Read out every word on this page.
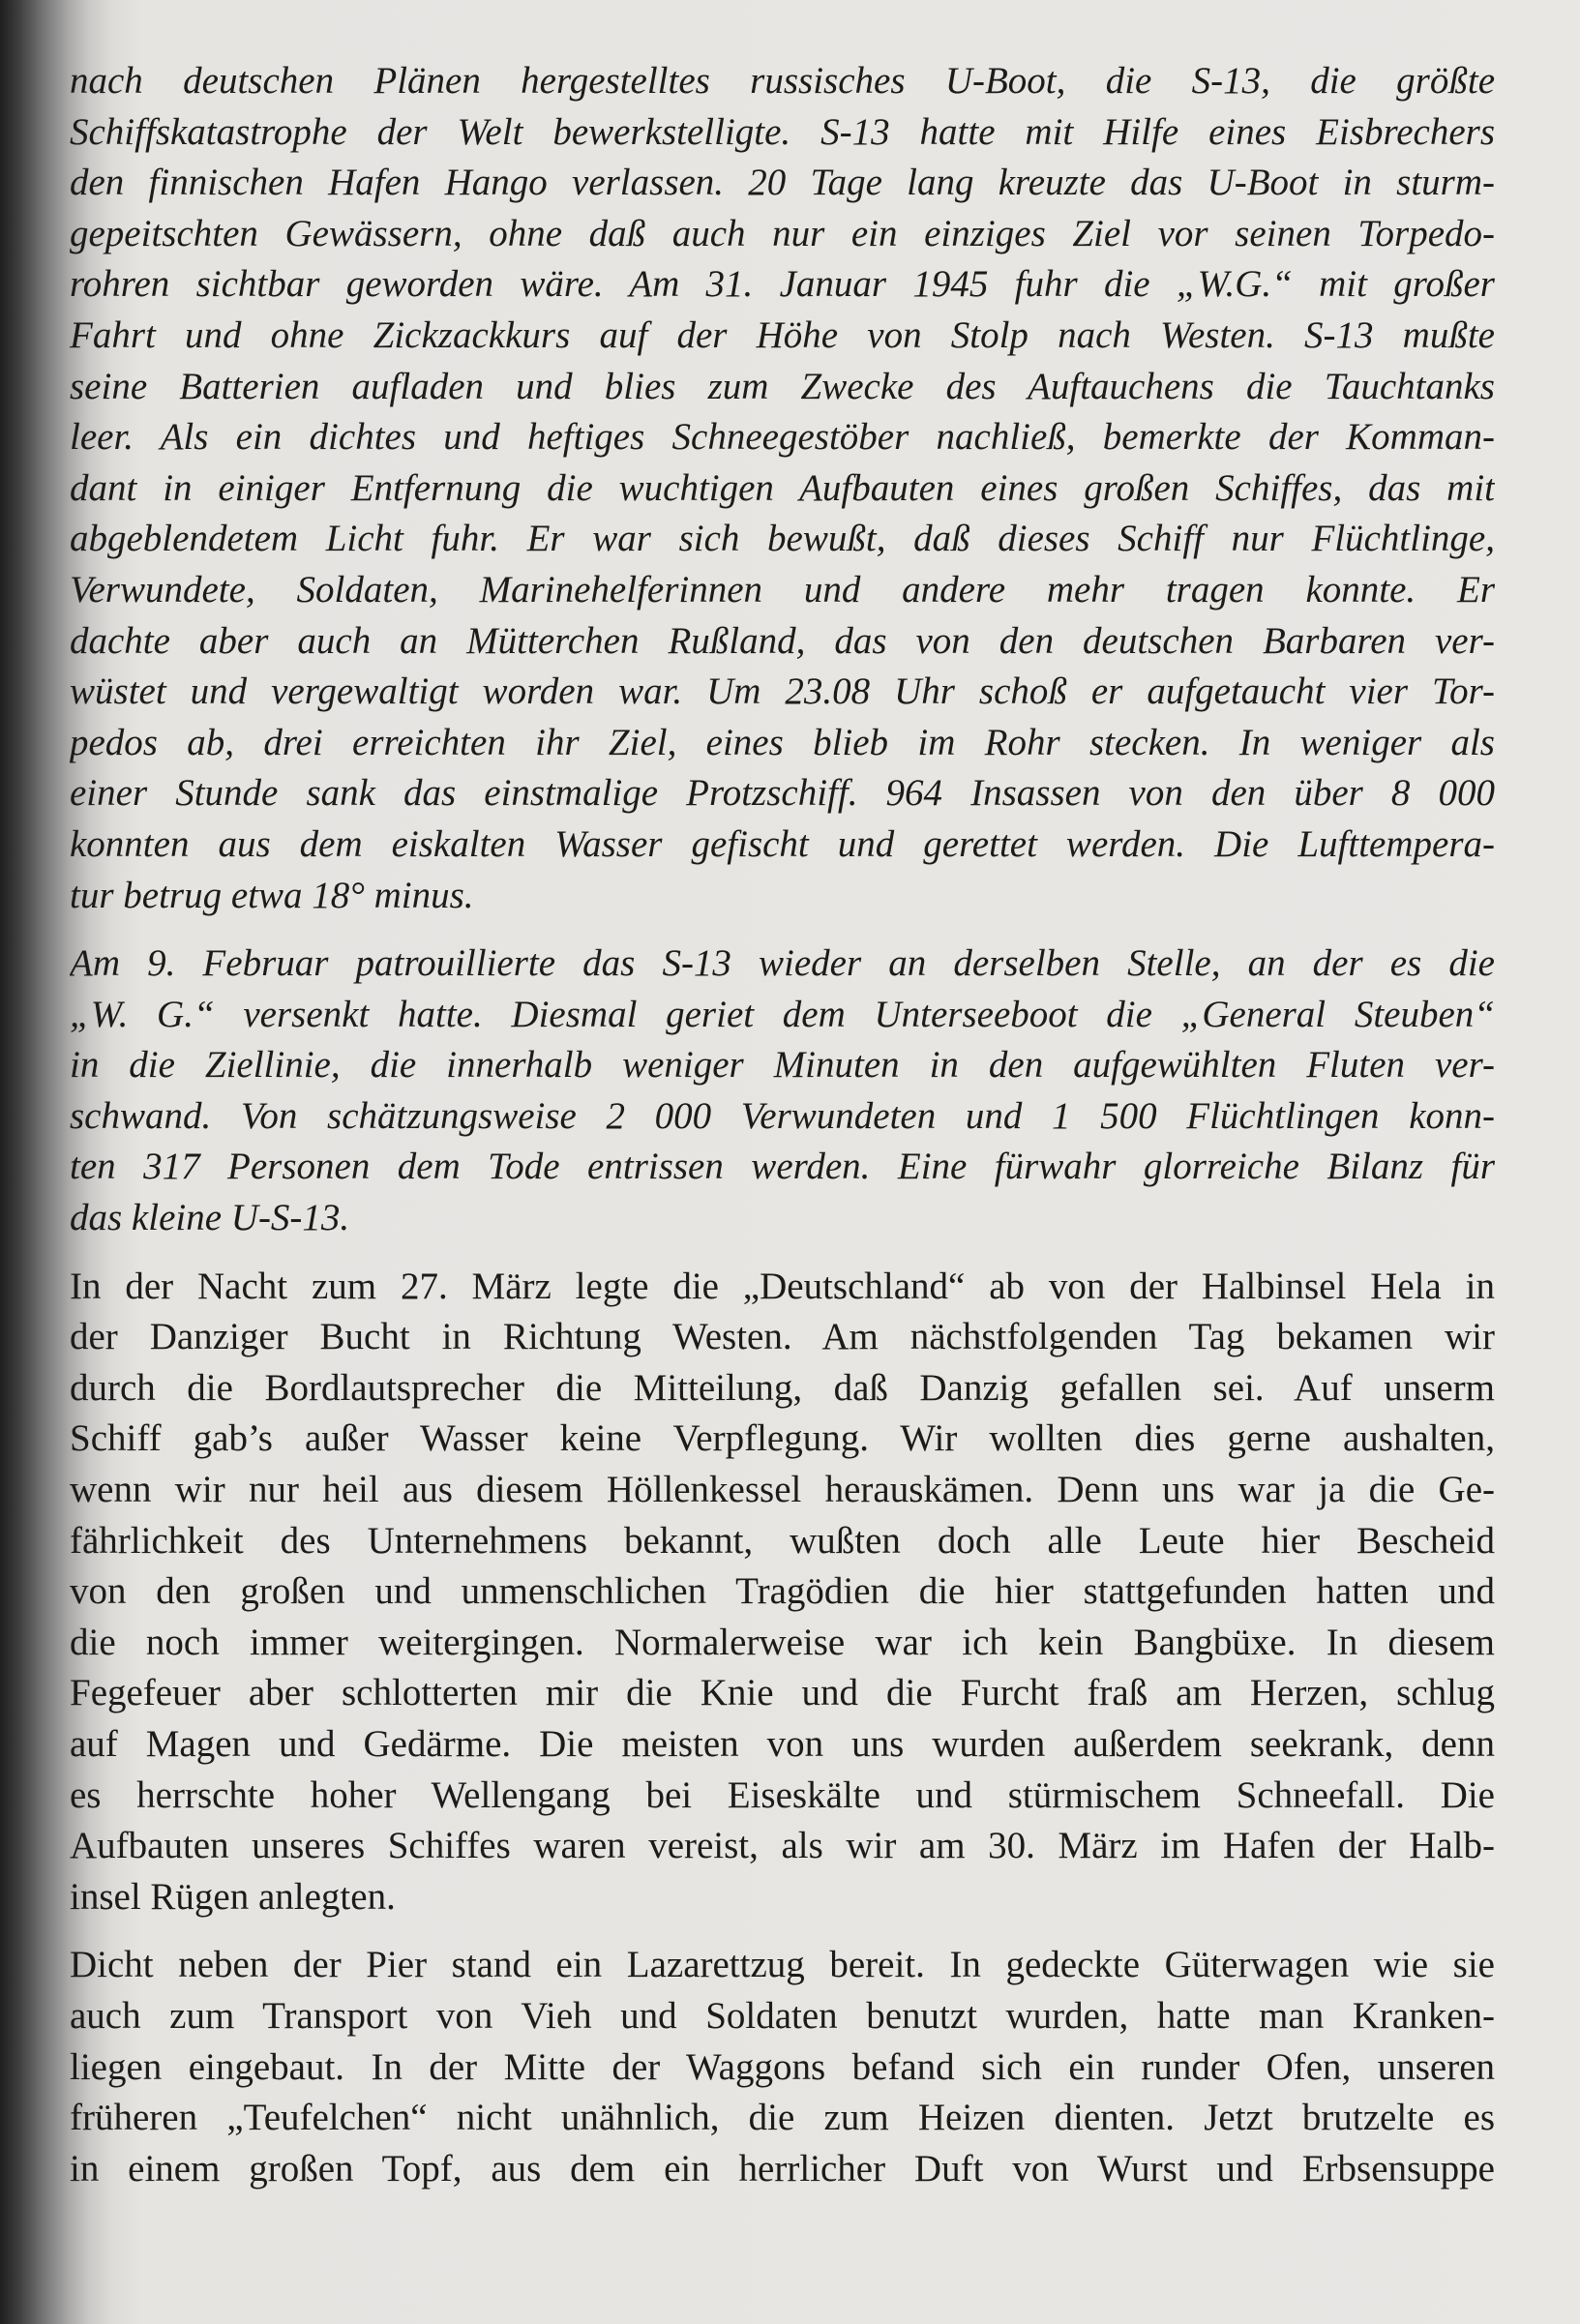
nach deutschen Plänen hergestelltes russisches U-Boot, die S-13, die größte
Schiffskatastrophe der Welt bewerkstelligte. S-13 hatte mit Hilfe eines Eisbrechers
den finnischen Hafen Hango verlassen. 20 Tage lang kreuzte das U-Boot in sturm-
gepeitschten Gewässern, ohne daß auch nur ein einziges Ziel vor seinen Torpedo-
rohren sichtbar geworden wäre. Am 31. Januar 1945 fuhr die „W.G.“ mit großer
Fahrt und ohne Zickzackkurs auf der Höhe von Stolp nach Westen. S-13 mußte
seine Batterien aufladen und blies zum Zwecke des Auftauchens die Tauchtanks
leer. Als ein dichtes und heftiges Schneegestöber nachließ, bemerkte der Komman-
dant in einiger Entfernung die wuchtigen Aufbauten eines großen Schiffes, das mit
abgeblendetem Licht fuhr. Er war sich bewußt, daß dieses Schiff nur Flüchtlinge,
Verwundete, Soldaten, Marinehelferinnen und andere mehr tragen konnte. Er
dachte aber auch an Mütterchen Rußland, das von den deutschen Barbaren ver-
wüstet und vergewaltigt worden war. Um 23.08 Uhr schoß er aufgetaucht vier Tor-
pedos ab, drei erreichten ihr Ziel, eines blieb im Rohr stecken. In weniger als
einer Stunde sank das einstmalige Protzschiff. 964 Insassen von den über 8 000
konnten aus dem eiskalten Wasser gefischt und gerettet werden. Die Lufttempera-
tur betrug etwa 18° minus.

Am 9. Februar patrouillierte das S-13 wieder an derselben Stelle, an der es die
„W. G.“ versenkt hatte. Diesmal geriet dem Unterseeboot die „General Steuben“
in die Ziellinie, die innerhalb weniger Minuten in den aufgewühlten Fluten ver-
schwand. Von schätzungsweise 2 000 Verwundeten und 1 500 Flüchtlingen konn-
ten 317 Personen dem Tode entrissen werden. Eine fürwahr glorreiche Bilanz für
das kleine U-S-13.

In der Nacht zum 27. März legte die „Deutschland“ ab von der Halbinsel Hela in
der Danziger Bucht in Richtung Westen. Am nächstfolgenden Tag bekamen wir
durch die Bordlautsprecher die Mitteilung, daß Danzig gefallen sei. Auf unserm
Schiff gab’s außer Wasser keine Verpflegung. Wir wollten dies gerne aushalten,
wenn wir nur heil aus diesem Höllenkessel herauskämen. Denn uns war ja die Ge-
fährlichkeit des Unternehmens bekannt, wußten doch alle Leute hier Bescheid
von den großen und unmenschlichen Tragödien die hier stattgefunden hatten und
die noch immer weitergingen. Normalerweise war ich kein Bangbüxe. In diesem
Fegefeuer aber schlotterten mir die Knie und die Furcht fraß am Herzen, schlug
auf Magen und Gedärme. Die meisten von uns wurden außerdem seekrank, denn
es herrschte hoher Wellengang bei Eiseskälte und stürmischem Schneefall. Die
Aufbauten unseres Schiffes waren vereist, als wir am 30. März im Hafen der Halb-
insel Rügen anlegten.

Dicht neben der Pier stand ein Lazarettzug bereit. In gedeckte Güterwagen wie sie
auch zum Transport von Vieh und Soldaten benutzt wurden, hatte man Kranken-
liegen eingebaut. In der Mitte der Waggons befand sich ein runder Ofen, unseren
früheren „Teufelchen“ nicht unähnlich, die zum Heizen dienten. Jetzt brutzelte es
in einem großen Topf, aus dem ein herrlicher Duft von Wurst und Erbsensuppe
